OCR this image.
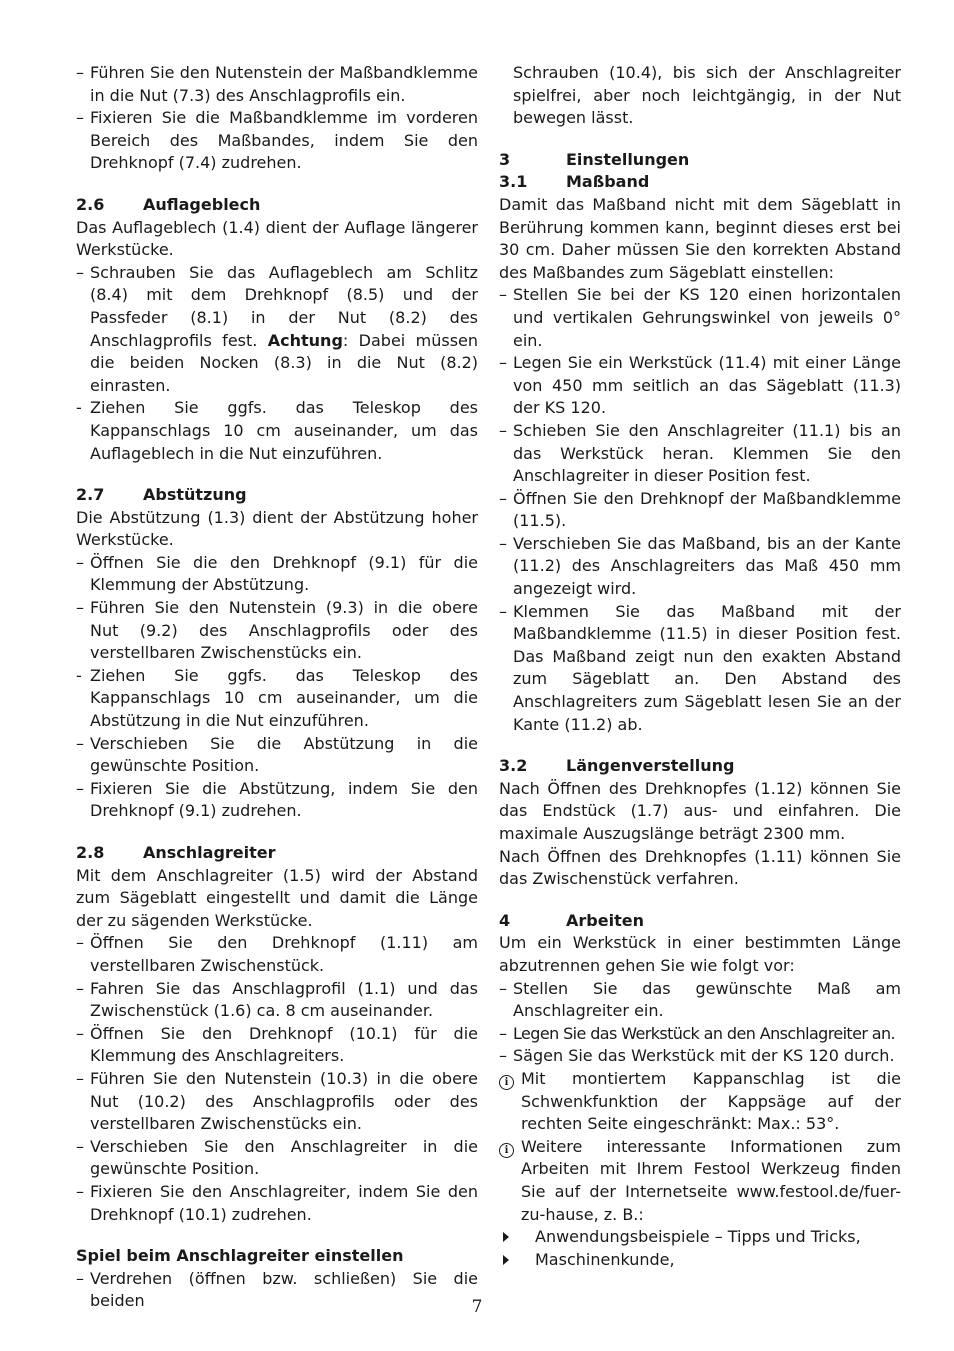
– Führen Sie den Nutenstein der Maßbandklemme in die Nut (7.3) des Anschlagprofils ein.
– Fixieren Sie die Maßbandklemme im vorderen Bereich des Maßbandes, indem Sie den Drehknopf (7.4) zudrehen.
2.6	Auflageblech

Das Auflageblech (1.4) dient der Auflage längerer Werkstücke.

– Schrauben Sie das Auflageblech am Schlitz (8.4) mit dem Drehknopf (8.5) und der Passfeder (8.1) in der Nut (8.2) des Anschlagprofils fest. Achtung: Dabei müssen die beiden Nocken (8.3) in die Nut (8.2) einrasten.
- Ziehen Sie ggfs. das Teleskop des Kappanschlags 10 cm auseinander, um das Auflageblech in die Nut einzuführen.
2.7	Abstützung

Die Abstützung (1.3) dient der Abstützung hoher Werkstücke.

– Öffnen Sie die den Drehknopf (9.1) für die Klemmung der Abstützung.
– Führen Sie den Nutenstein (9.3) in die obere Nut (9.2) des Anschlagprofils oder des verstellbaren Zwischenstücks ein.
- Ziehen Sie ggfs. das Teleskop des Kappanschlags 10 cm auseinander, um die Abstützung in die Nut einzuführen.
– Verschieben Sie die Abstützung in die gewünschte Position.
– Fixieren Sie die Abstützung, indem Sie den Drehknopf (9.1) zudrehen.
2.8	Anschlagreiter

Mit dem Anschlagreiter (1.5) wird der Abstand zum Sägeblatt eingestellt und damit die Länge der zu sägenden Werkstücke.

– Öffnen Sie den Drehknopf (1.11) am verstellbaren Zwischenstück.
– Fahren Sie das Anschlagprofil (1.1) und das Zwischenstück (1.6) ca. 8 cm auseinander.
– Öffnen Sie den Drehknopf (10.1) für die Klemmung des Anschlagreiters.
– Führen Sie den Nutenstein (10.3) in die obere Nut (10.2) des Anschlagprofils oder des verstellbaren Zwischenstücks ein.
– Verschieben Sie den Anschlagreiter in die gewünschte Position.
– Fixieren Sie den Anschlagreiter, indem Sie den Drehknopf (10.1) zudrehen.
Spiel beim Anschlagreiter einstellen
– Verdrehen (öffnen bzw. schließen) Sie die beiden

Schrauben (10.4), bis sich der Anschlagreiter spielfrei, aber noch leichtgängig, in der Nut bewegen lässt.

3	Einstellungen
3.1	Maßband

Damit das Maßband nicht mit dem Sägeblatt in Berührung kommen kann, beginnt dieses erst bei 30 cm. Daher müssen Sie den korrekten Abstand des Maßbandes zum Sägeblatt einstellen:

– Stellen Sie bei der KS 120 einen horizontalen und vertikalen Gehrungswinkel von jeweils 0° ein.
– Legen Sie ein Werkstück (11.4) mit einer Länge von 450 mm seitlich an das Sägeblatt (11.3) der KS 120.
– Schieben Sie den Anschlagreiter (11.1) bis an das Werkstück heran. Klemmen Sie den Anschlagreiter in dieser Position fest.
– Öffnen Sie den Drehknopf der Maßbandklemme (11.5).
– Verschieben Sie das Maßband, bis an der Kante (11.2) des Anschlagreiters das Maß 450 mm angezeigt wird.
– Klemmen Sie das Maßband mit der Maßbandklemme (11.5) in dieser Position fest. Das Maßband zeigt nun den exakten Abstand zum Sägeblatt an. Den Abstand des Anschlagreiters zum Sägeblatt lesen Sie an der Kante (11.2) ab.
3.2	Längenverstellung

Nach Öffnen des Drehknopfes (1.12) können Sie das Endstück (1.7) aus- und einfahren. Die maximale Auszugslänge beträgt 2300 mm.

Nach Öffnen des Drehknopfes (1.11) können Sie das Zwischenstück verfahren.

4	Arbeiten

Um ein Werkstück in einer bestimmten Länge abzutrennen gehen Sie wie folgt vor:

– Stellen Sie das gewünschte Maß am Anschlagreiter ein.
– Legen Sie das Werkstück an den Anschlagreiter an.
– Sägen Sie das Werkstück mit der KS 120 durch.
i Mit montiertem Kappanschlag ist die Schwenkfunktion der Kappsäge auf der rechten Seite eingeschränkt: Max.: 53°.
i Weitere interessante Informationen zum Arbeiten mit Ihrem Festool Werkzeug finden Sie auf der Internetseite www.festool.de/fuer-zu-hause, z. B.:
Anwendungsbeispiele – Tipps und Tricks,
Maschinenkunde,
7
